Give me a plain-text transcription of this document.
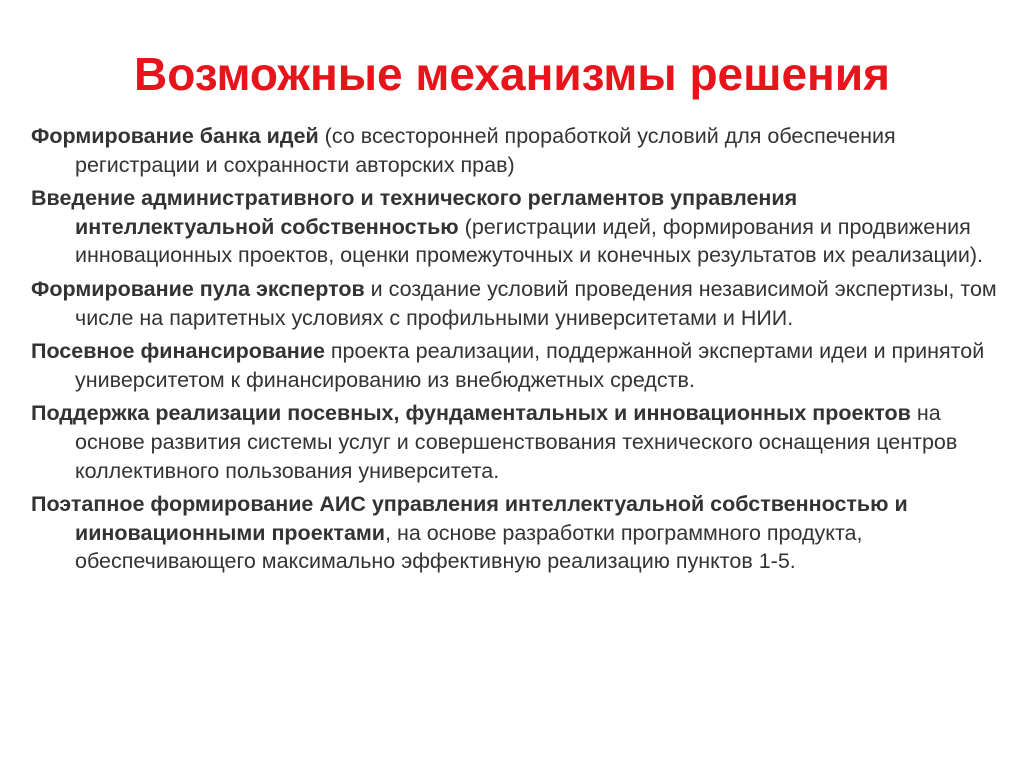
Возможные механизмы решения
Формирование банка идей (со всесторонней проработкой условий для обеспечения регистрации и сохранности авторских прав)
Введение административного и технического регламентов управления интеллектуальной собственностью (регистрации идей, формирования и продвижения инновационных проектов, оценки промежуточных и конечных результатов их реализации).
Формирование пула экспертов и создание условий проведения независимой экспертизы, том числе на паритетных условиях с профильными университетами и НИИ.
Посевное финансирование проекта реализации, поддержанной экспертами идеи и принятой университетом к финансированию из внебюджетных средств.
Поддержка реализации посевных, фундаментальных и инновационных проектов на основе развития системы услуг и совершенствования технического оснащения центров коллективного пользования университета.
Поэтапное формирование АИС управления интеллектуальной собственностью и ииновационными проектами, на основе разработки программного продукта, обеспечивающего максимально эффективную реализацию пунктов 1-5.
